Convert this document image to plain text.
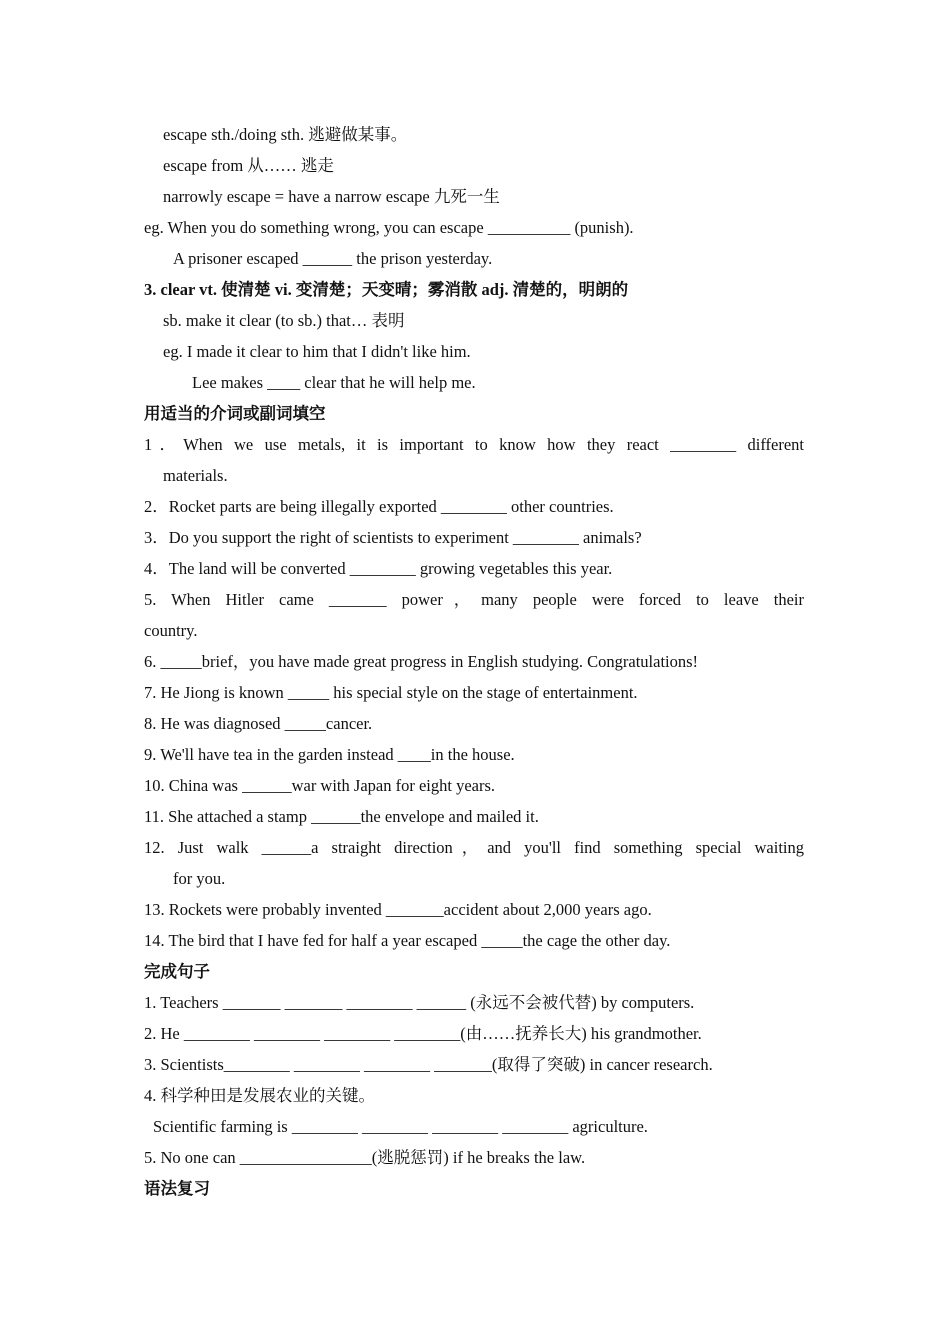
escape sth./doing sth. 逃避做某事。
escape from 从…… 逃走
narrowly escape = have a narrow escape 九死一生
eg. When you do something wrong, you can escape __________ (punish).
A prisoner escaped ______ the prison yesterday.
3. clear vt. 使清楚 vi. 变清楚；天变晴；雾消散 adj. 清楚的，明朗的
sb. make it clear (to sb.) that… 表明
eg. I made it clear to him that I didn't like him.
Lee makes ____ clear that he will help me.
用适当的介词或副词填空
1．When we use metals, it is important to know how they react ________ different
materials.
2．Rocket parts are being illegally exported ________ other countries.
3．Do you support the right of scientists to experiment ________ animals?
4．The land will be converted ________ growing vegetables this year.
5. When Hitler came _______ power，many people were forced to leave their
country.
6. _____brief，you have made great progress in English studying. Congratulations!
7. He Jiong is known _____ his special style on the stage of entertainment.
8. He was diagnosed _____cancer.
9. We'll have tea in the garden instead ____in the house.
10. China was ______war with Japan for eight years.
11. She attached a stamp ______the envelope and mailed it.
12. Just walk ______a straight direction，and you'll find something special waiting
for you.
13. Rockets were probably invented _______accident about 2,000 years ago.
14. The bird that I have fed for half a year escaped _____the cage the other day.
完成句子
1. Teachers _______ _______ ________ ______ (永远不会被代替) by computers.
2. He ________ ________ ________ ________(由……抚养长大) his grandmother.
3. Scientists________ ________ ________ _______(取得了突破) in cancer research.
4. 科学种田是发展农业的关键。
Scientific farming is ________ ________ ________ ________ agriculture.
5. No one can ________________(逃脱惩罚) if he breaks the law.
语法复习
